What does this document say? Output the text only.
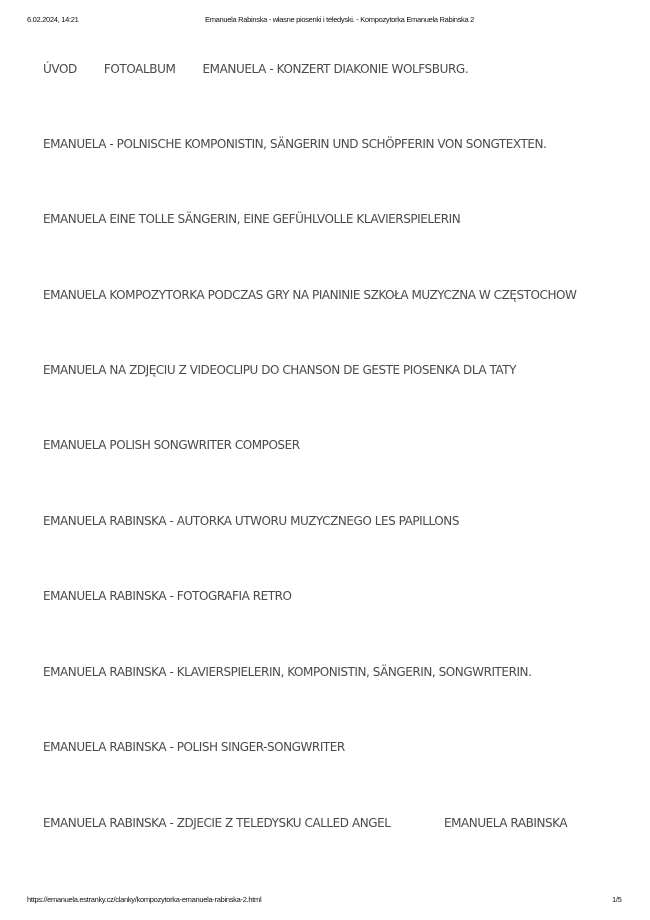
6.02.2024, 14:21	Emanuela Rabinska - własne piosenki i teledyski. - Kompozytorka Emanuela Rabinska 2
ÚVOD FOTOALBUM EMANUELA - KONZERT DIAKONIE WOLFSBURG.
EMANUELA - POLNISCHE KOMPONISTIN, SÄNGERIN UND SCHÖPFERIN VON SONGTEXTEN.
EMANUELA EINE TOLLE SÄNGERIN, EINE GEFÜHLVOLLE KLAVIERSPIELERIN
EMANUELA KOMPOZYTORKA PODCZAS GRY NA PIANINIE SZKOŁA MUZYCZNA W CZĘSTOCHOW
EMANUELA NA ZDJĘCIU Z VIDEOCLIPU DO CHANSON DE GESTE PIOSENKA DLA TATY
EMANUELA POLISH SONGWRITER COMPOSER
EMANUELA RABINSKA - AUTORKA UTWORU MUZYCZNEGO LES PAPILLONS
EMANUELA RABINSKA - FOTOGRAFIA RETRO
EMANUELA RABINSKA - KLAVIERSPIELERIN, KOMPONISTIN, SÄNGERIN, SONGWRITERIN.
EMANUELA RABINSKA - POLISH SINGER-SONGWRITER
EMANUELA RABINSKA - ZDJECIE Z TELEDYSKU CALLED ANGEL	EMANUELA RABINSKA
https://emanuela.estranky.cz/clanky/kompozytorka-emanuela-rabinska-2.html	1/5
